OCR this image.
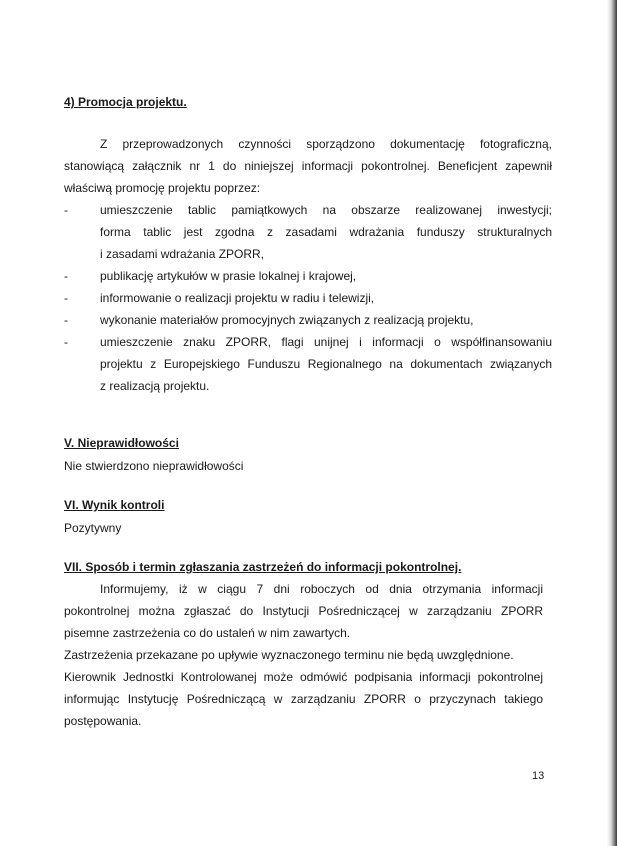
4) Promocja projektu.
Z przeprowadzonych czynności sporządzono dokumentację fotograficzną,
stanowiącą załącznik nr 1 do niniejszej informacji pokontrolnej. Beneficjent zapewnił
właściwą promocję projektu poprzez:
-	umieszczenie tablic pamiątkowych na obszarze realizowanej inwestycji;
forma tablic jest zgodna z zasadami wdrażania funduszy strukturalnych
i zasadami wdrażania ZPORR,
-	publikację artykułów w prasie lokalnej i krajowej,
-	informowanie o realizacji projektu w radiu i telewizji,
-	wykonanie materiałów promocyjnych związanych z realizacją projektu,
-	umieszczenie znaku ZPORR, flagi unijnej i informacji o współfinansowaniu
projektu z Europejskiego Funduszu Regionalnego na dokumentach związanych
z realizacją projektu.
V. Nieprawidłowości
Nie stwierdzono nieprawidłowości
VI. Wynik kontroli
Pozytywny
VII. Sposób i termin zgłaszania zastrzeżeń do informacji pokontrolnej.
Informujemy, iż w ciągu 7 dni roboczych od dnia otrzymania informacji
pokontrolnej można zgłaszać do Instytucji Pośredniczącej w zarządzaniu ZPORR
pisemne zastrzeżenia co do ustaleń w nim zawartych.
Zastrzeżenia przekazane po upływie wyznaczonego terminu nie będą uwzględnione.
Kierownik Jednostki Kontrolowanej może odmówić podpisania informacji pokontrolnej
informując Instytucję Pośredniczącą w zarządzaniu ZPORR o przyczynach takiego
postępowania.
13
